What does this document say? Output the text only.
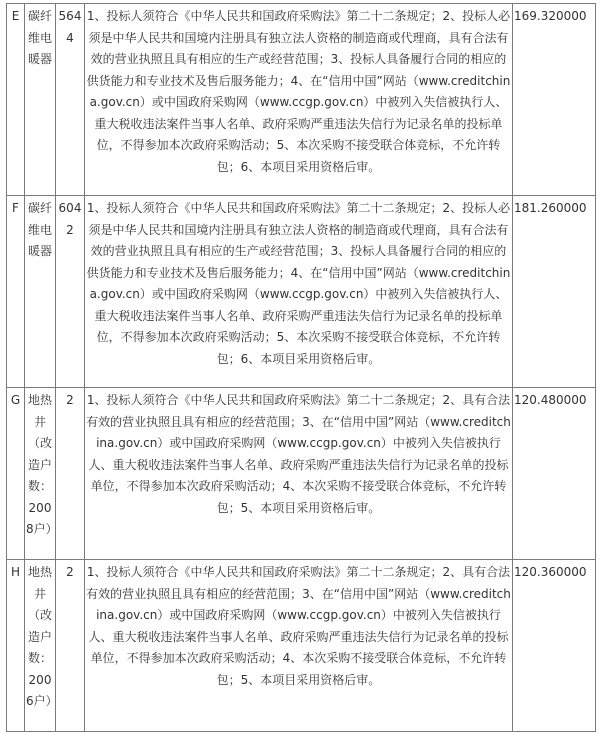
E	碳纤维电暖器	5644	1、投标人须符合《中华人民共和国政府采购法》第二十二条规定；2、投标人必须是中华人民共和国境内注册具有独立法人资格的制造商或代理商，具有合法有效的营业执照且具有相应的生产或经营范围；3、投标人具备履行合同的相应的供货能力和专业技术及售后服务能力；4、在“信用中国”网站（www.creditchina.gov.cn）或中国政府采购网（www.ccgp.gov.cn）中被列入失信被执行人、重大税收违法案件当事人名单、政府采购严重违法失信行为记录名单的投标单位，不得参加本次政府采购活动；5、本次采购不接受联合体竞标，不允许转包；6、本项目采用资格后审。	169.320000
F	碳纤维电暖器	6042	1、投标人须符合《中华人民共和国政府采购法》第二十二条规定；2、投标人必须是中华人民共和国境内注册具有独立法人资格的制造商或代理商，具有合法有效的营业执照且具有相应的生产或经营范围；3、投标人具备履行合同的相应的供货能力和专业技术及售后服务能力；4、在“信用中国”网站（www.creditchina.gov.cn）或中国政府采购网（www.ccgp.gov.cn）中被列入失信被执行人、重大税收违法案件当事人名单、政府采购严重违法失信行为记录名单的投标单位，不得参加本次政府采购活动；5、本次采购不接受联合体竞标，不允许转包；6、本项目采用资格后审。	181.260000
G	地热井（改造户数：2008户）	2	1、投标人须符合《中华人民共和国政府采购法》第二十二条规定；2、具有合法有效的营业执照且具有相应的经营范围；3、在“信用中国”网站（www.creditchina.gov.cn）或中国政府采购网（www.ccgp.gov.cn）中被列入失信被执行人、重大税收违法案件当事人名单、政府采购严重违法失信行为记录名单的投标单位，不得参加本次政府采购活动；4、本次采购不接受联合体竞标，不允许转包；5、本项目采用资格后审。	120.480000
H	地热井（改造户数：2006户）	2	1、投标人须符合《中华人民共和国政府采购法》第二十二条规定；2、具有合法有效的营业执照且具有相应的经营范围；3、在“信用中国”网站（www.creditchina.gov.cn）或中国政府采购网（www.ccgp.gov.cn）中被列入失信被执行人、重大税收违法案件当事人名单、政府采购严重违法失信行为记录名单的投标单位，不得参加本次政府采购活动；4、本次采购不接受联合体竞标，不允许转包；5、本项目采用资格后审。	120.360000
